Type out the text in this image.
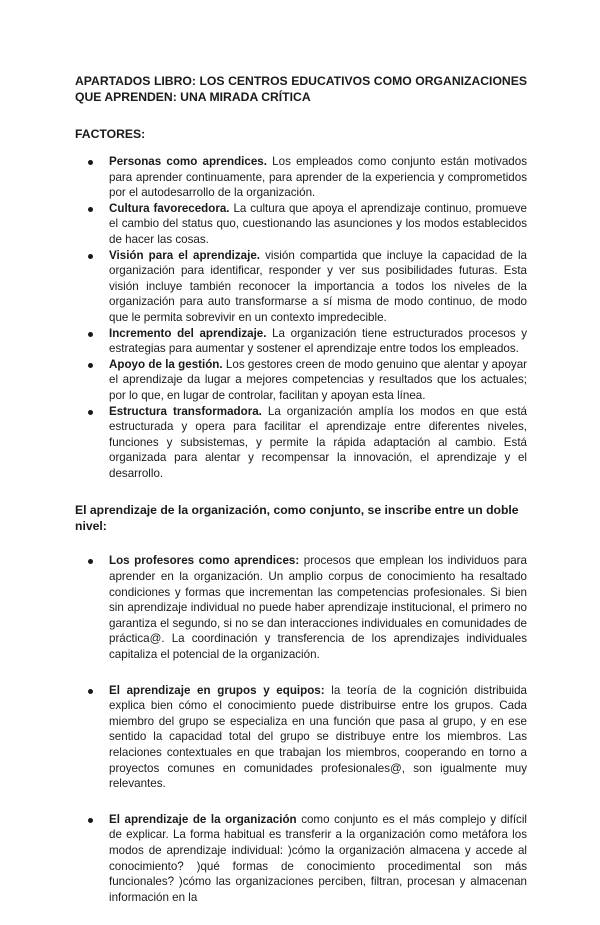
APARTADOS LIBRO: LOS CENTROS EDUCATIVOS COMO ORGANIZACIONES QUE APRENDEN: UNA MIRADA CRÍTICA

FACTORES:

Personas como aprendices. Los empleados como conjunto están motivados para aprender continuamente, para aprender de la experiencia y comprometidos por el autodesarrollo de la organización.
Cultura favorecedora. La cultura que apoya el aprendizaje continuo, promueve el cambio del status quo, cuestionando las asunciones y los modos establecidos de hacer las cosas.
Visión para el aprendizaje. visión compartida que incluye la capacidad de la organización para identificar, responder y ver sus posibilidades futuras. Esta visión incluye también reconocer la importancia a todos los niveles de la organización para auto transformarse a sí misma de modo continuo, de modo que le permita sobrevivir en un contexto impredecible.
Incremento del aprendizaje. La organización tiene estructurados procesos y estrategias para aumentar y sostener el aprendizaje entre todos los empleados.
Apoyo de la gestión. Los gestores creen de modo genuino que alentar y apoyar el aprendizaje da lugar a mejores competencias y resultados que los actuales; por lo que, en lugar de controlar, facilitan y apoyan esta línea.
Estructura transformadora. La organización amplía los modos en que está estructurada y opera para facilitar el aprendizaje entre diferentes niveles, funciones y subsistemas, y permite la rápida adaptación al cambio. Está organizada para alentar y recompensar la innovación, el aprendizaje y el desarrollo.

El aprendizaje de la organización, como conjunto, se inscribe entre un doble nivel:

Los profesores como aprendices: procesos que emplean los individuos para aprender en la organización. Un amplio corpus de conocimiento ha resaltado condiciones y formas que incrementan las competencias profesionales. Si bien sin aprendizaje individual no puede haber aprendizaje institucional, el primero no garantiza el segundo, si no se dan interacciones individuales en comunidades de práctica@. La coordinación y transferencia de los aprendizajes individuales capitaliza el potencial de la organización.
El aprendizaje en grupos y equipos: la teoría de la cognición distribuida explica bien cómo el conocimiento puede distribuirse entre los grupos. Cada miembro del grupo se especializa en una función que pasa al grupo, y en ese sentido la capacidad total del grupo se distribuye entre los miembros. Las relaciones contextuales en que trabajan los miembros, cooperando en torno a proyectos comunes en comunidades profesionales@, son igualmente muy relevantes.
El aprendizaje de la organización como conjunto es el más complejo y difícil de explicar. La forma habitual es transferir a la organización como metáfora los modos de aprendizaje individual: )cómo la organización almacena y accede al conocimiento? )qué formas de conocimiento procedimental son más funcionales? )cómo las organizaciones perciben, filtran, procesan y almacenan información en la
